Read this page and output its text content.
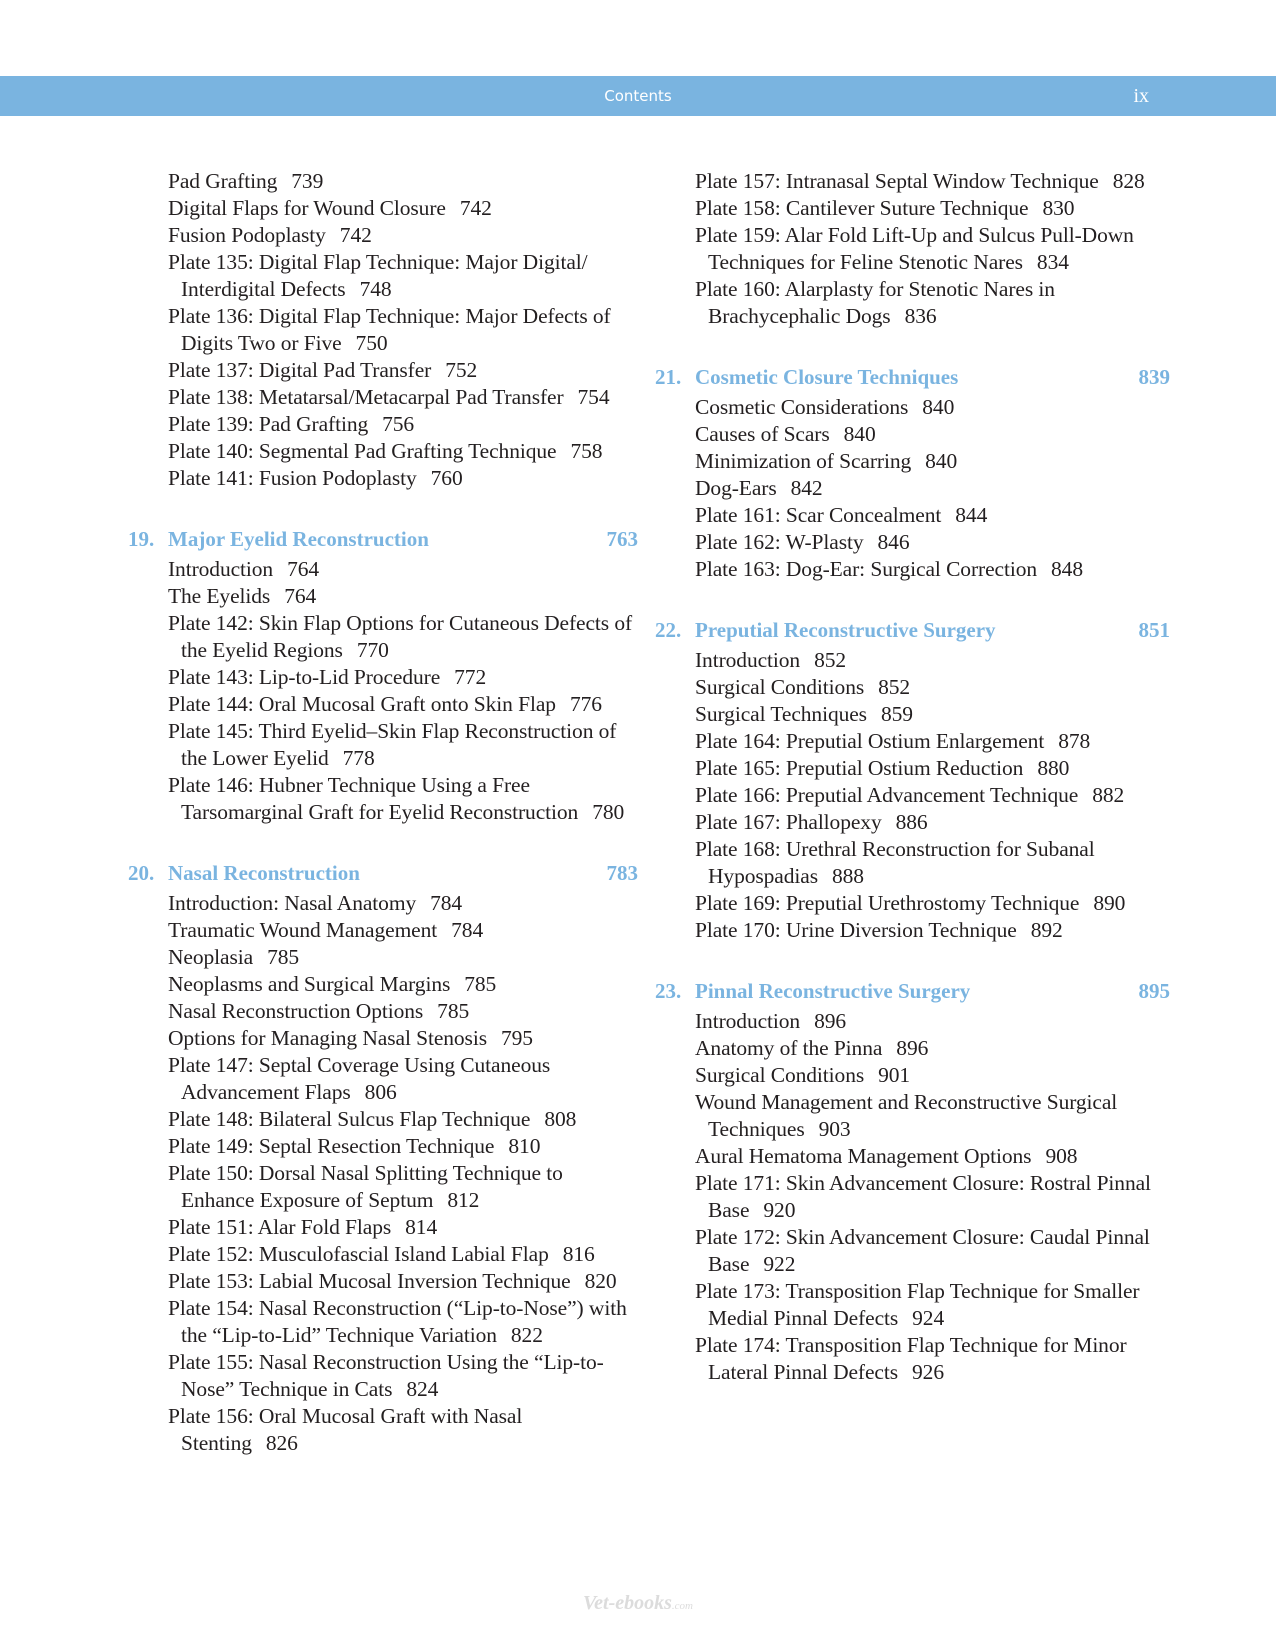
Contents	ix
Pad Grafting 739
Digital Flaps for Wound Closure 742
Fusion Podoplasty 742
Plate 135: Digital Flap Technique: Major Digital/ Interdigital Defects 748
Plate 136: Digital Flap Technique: Major Defects of Digits Two or Five 750
Plate 137: Digital Pad Transfer 752
Plate 138: Metatarsal/Metacarpal Pad Transfer 754
Plate 139: Pad Grafting 756
Plate 140: Segmental Pad Grafting Technique 758
Plate 141: Fusion Podoplasty 760
19. Major Eyelid Reconstruction	763
Introduction 764
The Eyelids 764
Plate 142: Skin Flap Options for Cutaneous Defects of the Eyelid Regions 770
Plate 143: Lip-to-Lid Procedure 772
Plate 144: Oral Mucosal Graft onto Skin Flap 776
Plate 145: Third Eyelid–Skin Flap Reconstruction of the Lower Eyelid 778
Plate 146: Hubner Technique Using a Free Tarsomarginal Graft for Eyelid Reconstruction 780
20. Nasal Reconstruction	783
Introduction: Nasal Anatomy 784
Traumatic Wound Management 784
Neoplasia 785
Neoplasms and Surgical Margins 785
Nasal Reconstruction Options 785
Options for Managing Nasal Stenosis 795
Plate 147: Septal Coverage Using Cutaneous Advancement Flaps 806
Plate 148: Bilateral Sulcus Flap Technique 808
Plate 149: Septal Resection Technique 810
Plate 150: Dorsal Nasal Splitting Technique to Enhance Exposure of Septum 812
Plate 151: Alar Fold Flaps 814
Plate 152: Musculofascial Island Labial Flap 816
Plate 153: Labial Mucosal Inversion Technique 820
Plate 154: Nasal Reconstruction (“Lip-to-Nose”) with the “Lip-to-Lid” Technique Variation 822
Plate 155: Nasal Reconstruction Using the “Lip-to-Nose” Technique in Cats 824
Plate 156: Oral Mucosal Graft with Nasal Stenting 826
Plate 157: Intranasal Septal Window Technique 828
Plate 158: Cantilever Suture Technique 830
Plate 159: Alar Fold Lift-Up and Sulcus Pull-Down Techniques for Feline Stenotic Nares 834
Plate 160: Alarplasty for Stenotic Nares in Brachycephalic Dogs 836
21. Cosmetic Closure Techniques	839
Cosmetic Considerations 840
Causes of Scars 840
Minimization of Scarring 840
Dog-Ears 842
Plate 161: Scar Concealment 844
Plate 162: W-Plasty 846
Plate 163: Dog-Ear: Surgical Correction 848
22. Preputial Reconstructive Surgery	851
Introduction 852
Surgical Conditions 852
Surgical Techniques 859
Plate 164: Preputial Ostium Enlargement 878
Plate 165: Preputial Ostium Reduction 880
Plate 166: Preputial Advancement Technique 882
Plate 167: Phallopexy 886
Plate 168: Urethral Reconstruction for Subanal Hypospadias 888
Plate 169: Preputial Urethrostomy Technique 890
Plate 170: Urine Diversion Technique 892
23. Pinnal Reconstructive Surgery	895
Introduction 896
Anatomy of the Pinna 896
Surgical Conditions 901
Wound Management and Reconstructive Surgical Techniques 903
Aural Hematoma Management Options 908
Plate 171: Skin Advancement Closure: Rostral Pinnal Base 920
Plate 172: Skin Advancement Closure: Caudal Pinnal Base 922
Plate 173: Transposition Flap Technique for Smaller Medial Pinnal Defects 924
Plate 174: Transposition Flap Technique for Minor Lateral Pinnal Defects 926
Vet-ebooks.com
